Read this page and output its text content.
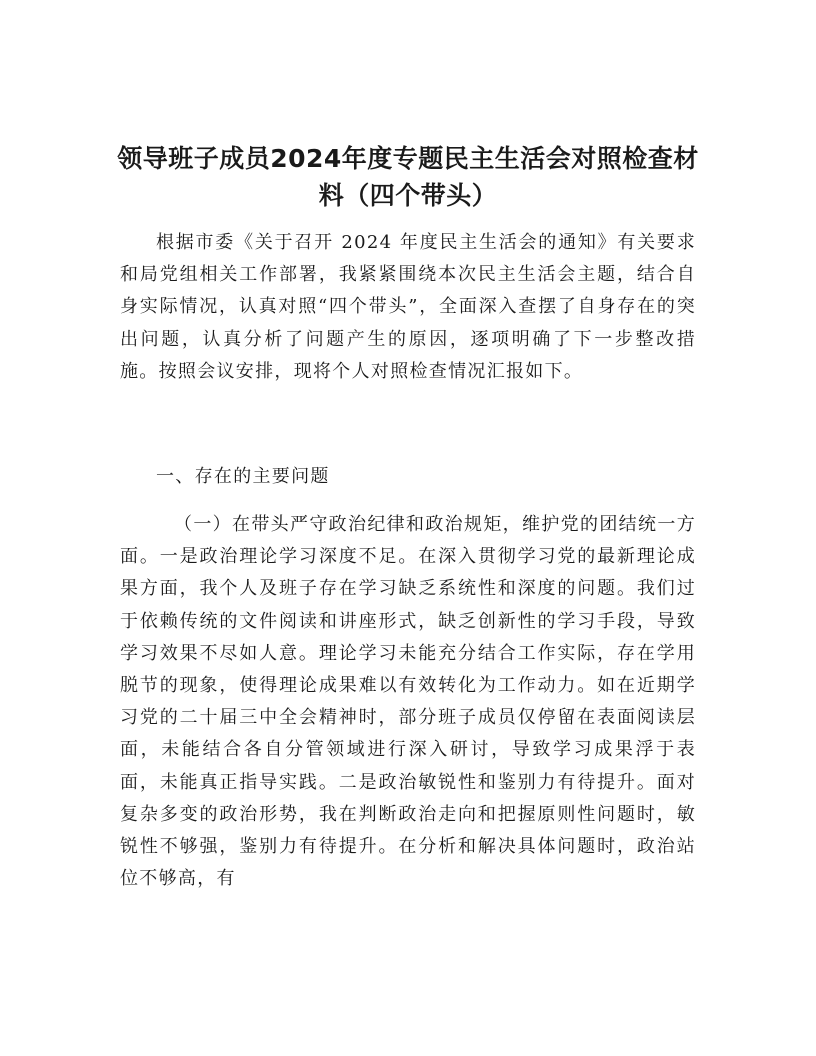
领导班子成员2024年度专题民主生活会对照检查材料（四个带头）

根据市委《关于召开 2024 年度民主生活会的通知》有关要求和局党组相关工作部署，我紧紧围绕本次民主生活会主题，结合自身实际情况，认真对照“四个带头”，全面深入查摆了自身存在的突出问题，认真分析了问题产生的原因，逐项明确了下一步整改措施。按照会议安排，现将个人对照检查情况汇报如下。

一、存在的主要问题

（一）在带头严守政治纪律和政治规矩，维护党的团结统一方面。一是政治理论学习深度不足。在深入贯彻学习党的最新理论成果方面，我个人及班子存在学习缺乏系统性和深度的问题。我们过于依赖传统的文件阅读和讲座形式，缺乏创新性的学习手段，导致学习效果不尽如人意。理论学习未能充分结合工作实际，存在学用脱节的现象，使得理论成果难以有效转化为工作动力。如在近期学习党的二十届三中全会精神时，部分班子成员仅停留在表面阅读层面，未能结合各自分管领域进行深入研讨，导致学习成果浮于表面，未能真正指导实践。二是政治敏锐性和鉴别力有待提升。面对复杂多变的政治形势，我在判断政治走向和把握原则性问题时，敏锐性不够强，鉴别力有待提升。在分析和解决具体问题时，政治站位不够高，有
